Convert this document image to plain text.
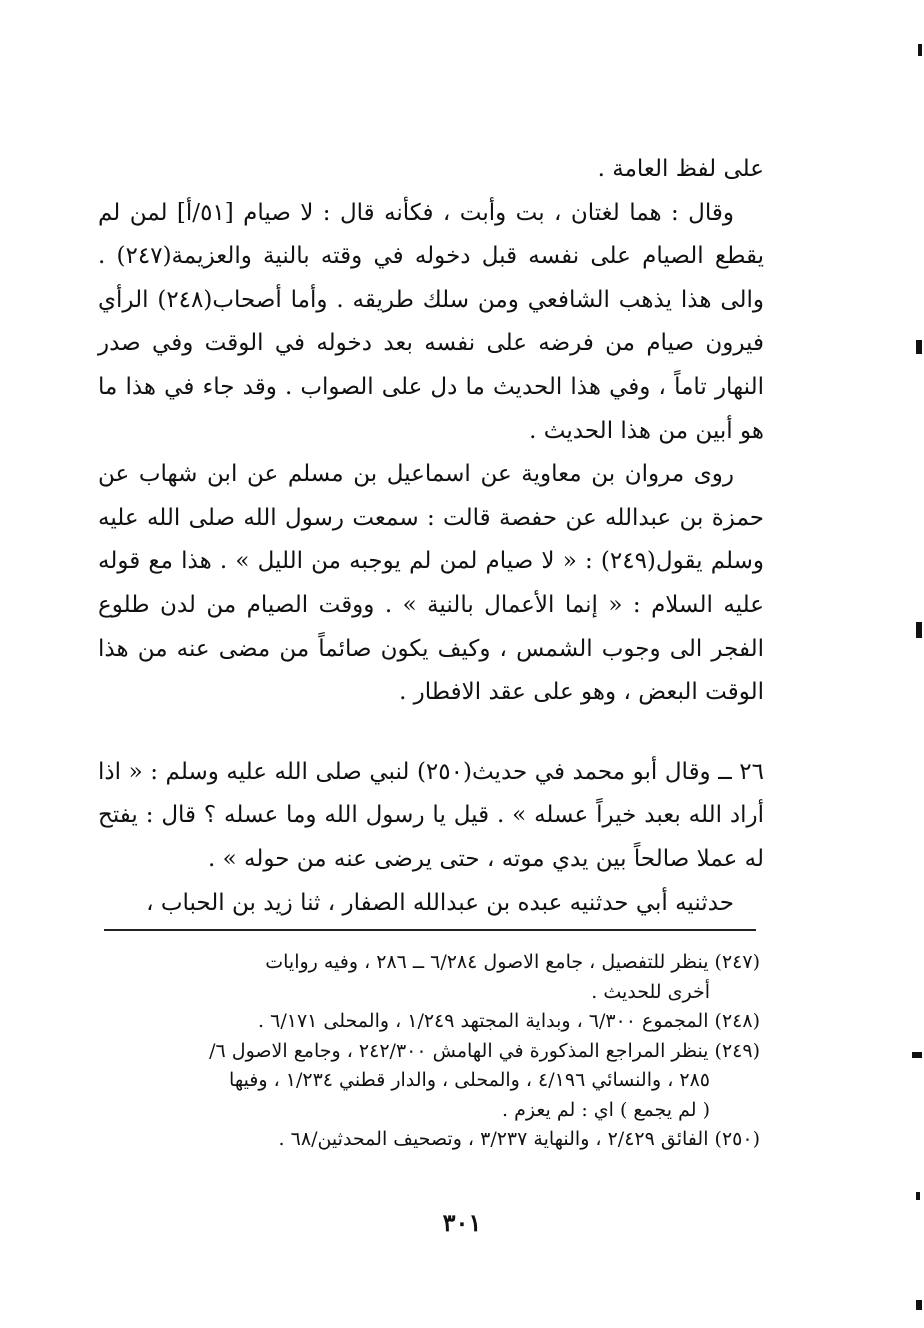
على لفظ العامة .

وقال : هما لغتان ، بت وأبت ، فكأنه قال : لا صيام [٥١/أ] لمن لم يقطع الصيام على نفسه قبل دخوله في وقته بالنية والعزيمة(٢٤٧) . والى هذا يذهب الشافعي ومن سلك طريقه . وأما أصحاب(٢٤٨) الرأي فيرون صيام من فرضه على نفسه بعد دخوله في الوقت وفي صدر النهار تاماً ، وفي هذا الحديث ما دل على الصواب . وقد جاء في هذا ما هو أبين من هذا الحديث .

روى مروان بن معاوية عن اسماعيل بن مسلم عن ابن شهاب عن حمزة بن عبدالله عن حفصة قالت : سمعت رسول الله صلى الله عليه وسلم يقول(٢٤٩) : « لا صيام لمن لم يوجبه من الليل » . هذا مع قوله عليه السلام : « إنما الأعمال بالنية » . ووقت الصيام من لدن طلوع الفجر الى وجوب الشمس ، وكيف يكون صائماً من مضى عنه من هذا الوقت البعض ، وهو على عقد الافطار .

٢٦ ــ وقال أبو محمد في حديث(٢٥٠) لنبي صلى الله عليه وسلم : « اذا أراد الله بعبد خيراً عسله » . قيل يا رسول الله وما عسله ؟ قال : يفتح له عملا صالحاً بين يدي موته ، حتى يرضى عنه من حوله » .

حدثنيه أبي حدثنيه عبده بن عبدالله الصفار ، ثنا زيد بن الحباب ،

(٢٤٧) ينظر للتفصيل ، جامع الاصول ٦/٢٨٤ ــ ٢٨٦ ، وفيه روايات
أخرى للحديث .

(٢٤٨) المجموع ٦/٣٠٠ ، وبداية المجتهد ١/٢٤٩ ، والمحلى ٦/١٧١ .

(٢٤٩) ينظر المراجع المذكورة في الهامش ٢٤٢/٣٠٠ ، وجامع الاصول ٦/
٢٨٥ ، والنسائي ٤/١٩٦ ، والمحلى ، والدار قطني ١/٢٣٤ ، وفيها
( لم يجمع ) اي : لم يعزم .

(٢٥٠) الفائق ٢/٤٢٩ ، والنهاية ٣/٢٣٧ ، وتصحيف المحدثين/٦٨ .

٣٠١
